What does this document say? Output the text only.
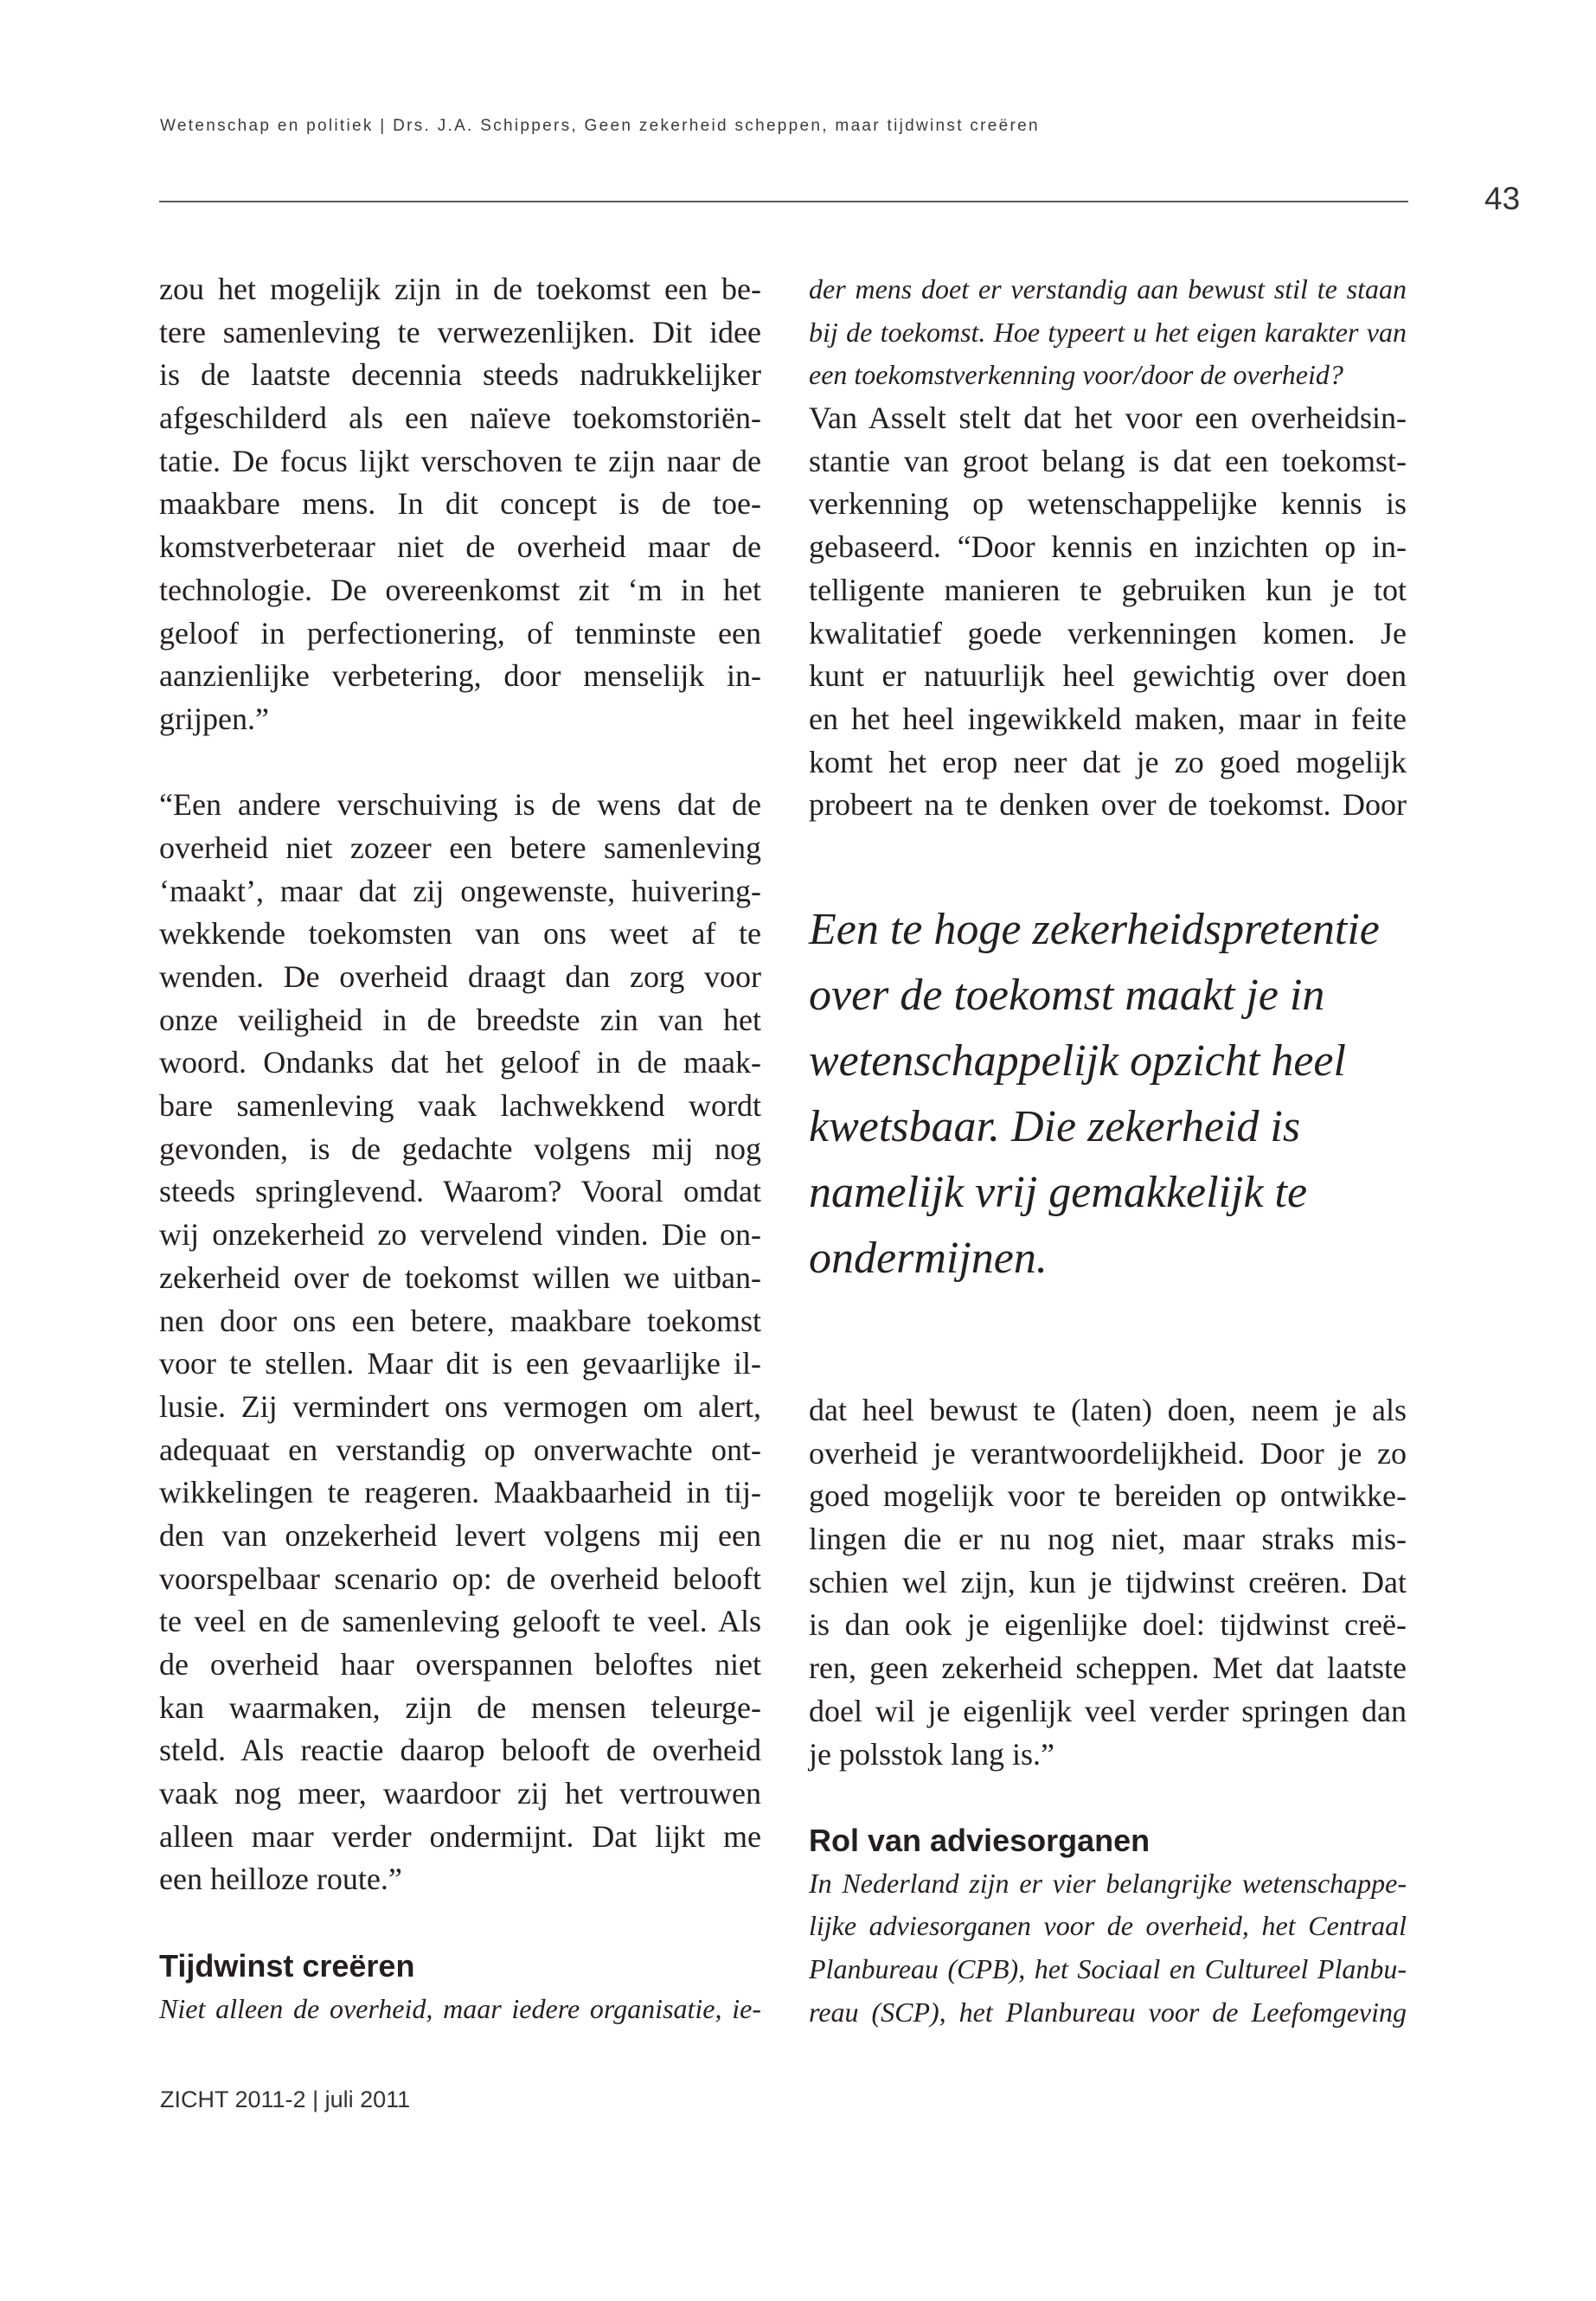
Wetenschap en politiek | Drs. J.A. Schippers, Geen zekerheid scheppen, maar tijdwinst creëren
43
zou het mogelijk zijn in de toekomst een be-
tere samenleving te verwezenlijken. Dit idee
is de laatste decennia steeds nadrukkelijker
afgeschilderd als een naïeve toekomstoriën-
tatie. De focus lijkt verschoven te zijn naar de
maakbare mens. In dit concept is de toe-
komstverbeteraar niet de overheid maar de
technologie. De overeenkomst zit ‘m in het
geloof in perfectionering, of tenminste een
aanzienlijke verbetering, door menselijk in-
grijpen.”
“Een andere verschuiving is de wens dat de
overheid niet zozeer een betere samenleving
‘maakt’, maar dat zij ongewenste, huivering-
wekkende toekomsten van ons weet af te
wenden. De overheid draagt dan zorg voor
onze veiligheid in de breedste zin van het
woord. Ondanks dat het geloof in de maak-
bare samenleving vaak lachwekkend wordt
gevonden, is de gedachte volgens mij nog
steeds springlevend. Waarom? Vooral omdat
wij onzekerheid zo vervelend vinden. Die on-
zekerheid over de toekomst willen we uitban-
nen door ons een betere, maakbare toekomst
voor te stellen. Maar dit is een gevaarlijke il-
lusie. Zij vermindert ons vermogen om alert,
adequaat en verstandig op onverwachte ont-
wikkelingen te reageren. Maakbaarheid in tij-
den van onzekerheid levert volgens mij een
voorspelbaar scenario op: de overheid belooft
te veel en de samenleving gelooft te veel. Als
de overheid haar overspannen beloftes niet
kan waarmaken, zijn de mensen teleurge-
steld. Als reactie daarop belooft de overheid
vaak nog meer, waardoor zij het vertrouwen
alleen maar verder ondermijnt. Dat lijkt me
een heilloze route.”
Tijdwinst creëren
Niet alleen de overheid, maar iedere organisatie, ie-
der mens doet er verstandig aan bewust stil te staan
bij de toekomst. Hoe typeert u het eigen karakter van
een toekomstverkenning voor/door de overheid?
Van Asselt stelt dat het voor een overheidsin-
stantie van groot belang is dat een toekomst-
verkenning op wetenschappelijke kennis is
gebaseerd. “Door kennis en inzichten op in-
telligente manieren te gebruiken kun je tot
kwalitatief goede verkenningen komen. Je
kunt er natuurlijk heel gewichtig over doen
en het heel ingewikkeld maken, maar in feite
komt het erop neer dat je zo goed mogelijk
probeert na te denken over de toekomst. Door
Een te hoge zekerheidspretentie
over de toekomst maakt je in
wetenschappelijk opzicht heel
kwetsbaar. Die zekerheid is
namelijk vrij gemakkelijk te
ondermijnen.
dat heel bewust te (laten) doen, neem je als
overheid je verantwoordelijkheid. Door je zo
goed mogelijk voor te bereiden op ontwikke-
lingen die er nu nog niet, maar straks mis-
schien wel zijn, kun je tijdwinst creëren. Dat
is dan ook je eigenlijke doel: tijdwinst creë-
ren, geen zekerheid scheppen. Met dat laatste
doel wil je eigenlijk veel verder springen dan
je polsstok lang is.”
Rol van adviesorganen
In Nederland zijn er vier belangrijke wetenschappe-
lijke adviesorganen voor de overheid, het Centraal
Planbureau (CPB), het Sociaal en Cultureel Planbu-
reau (SCP), het Planbureau voor de Leefomgeving
ZICHT 2011-2 | juli 2011
